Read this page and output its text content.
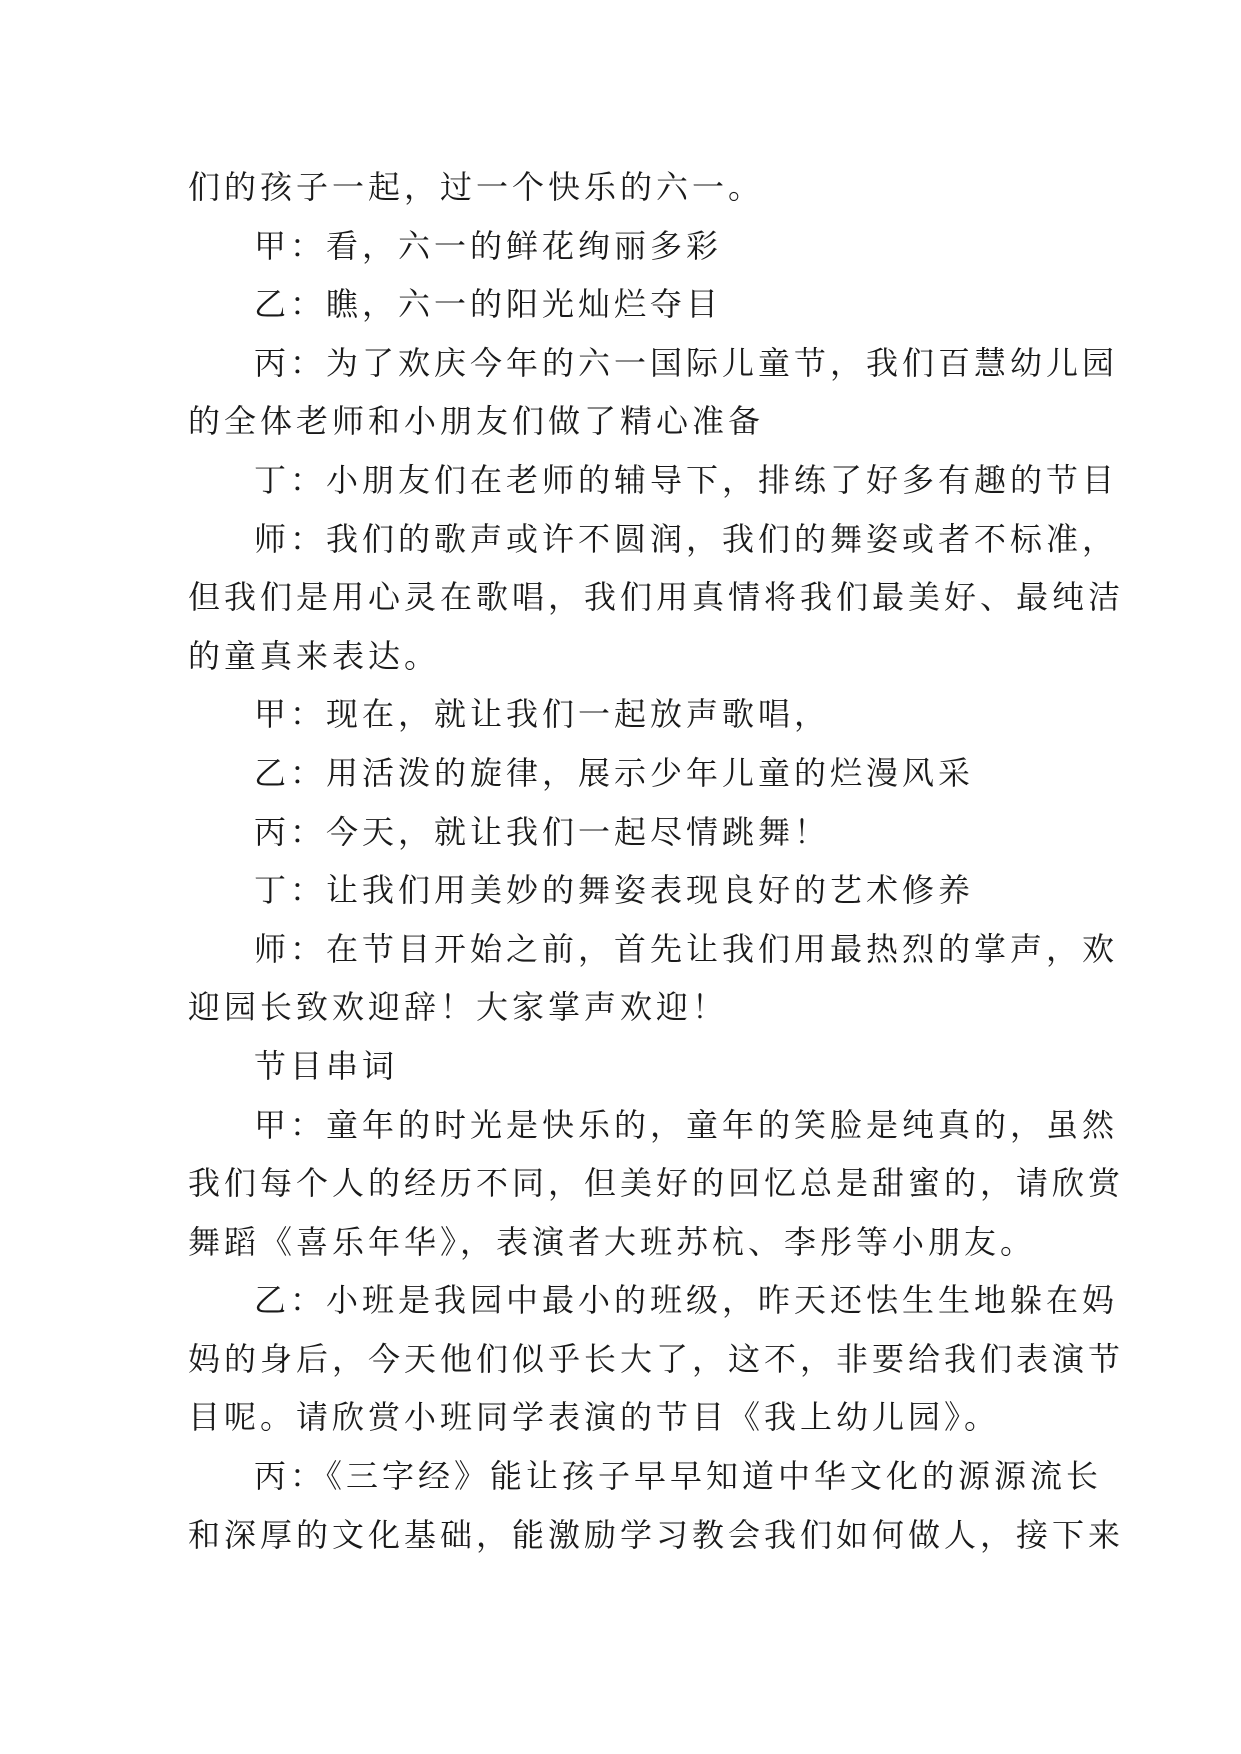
们的孩子一起，过一个快乐的六一。
甲：看，六一的鲜花绚丽多彩
乙：瞧，六一的阳光灿烂夺目
丙：为了欢庆今年的六一国际儿童节，我们百慧幼儿园
的全体老师和小朋友们做了精心准备
丁：小朋友们在老师的辅导下，排练了好多有趣的节目
师：我们的歌声或许不圆润，我们的舞姿或者不标准，
但我们是用心灵在歌唱，我们用真情将我们最美好、最纯洁
的童真来表达。
甲：现在，就让我们一起放声歌唱，
乙：用活泼的旋律，展示少年儿童的烂漫风采
丙：今天，就让我们一起尽情跳舞！
丁：让我们用美妙的舞姿表现良好的艺术修养
师：在节目开始之前，首先让我们用最热烈的掌声，欢
迎园长致欢迎辞！大家掌声欢迎！
节目串词
甲：童年的时光是快乐的，童年的笑脸是纯真的，虽然
我们每个人的经历不同，但美好的回忆总是甜蜜的，请欣赏
舞蹈《喜乐年华》，表演者大班苏杭、李彤等小朋友。
乙：小班是我园中最小的班级，昨天还怯生生地躲在妈
妈的身后，今天他们似乎长大了，这不，非要给我们表演节
目呢。请欣赏小班同学表演的节目《我上幼儿园》。
丙：《三字经》能让孩子早早知道中华文化的源源流长
和深厚的文化基础，能激励学习教会我们如何做人，接下来
